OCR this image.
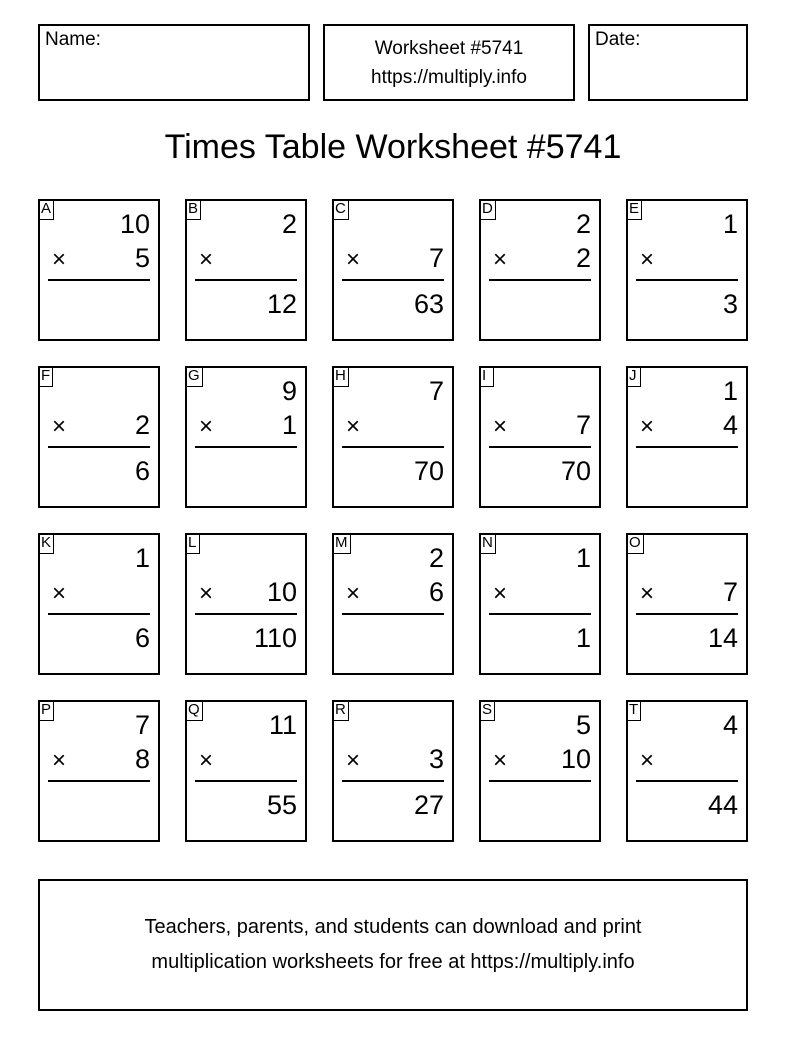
Name:	Worksheet #5741
https://multiply.info
Date:
Times Table Worksheet #5741
A
10
×	5
B
2
×
12
C
×	7
63
D
2
×	2
E
1
×
3
F
×	2
6
G
9
×	1
H
7
×
70
I
×	7
70
J
1
×	4
K
1
×
6
L
× 10
110
M
2
×	6
N
1
×
1
O
×	7
14
P
7
×	8
Q
11
×
55
R
×	3
27
S
5
× 10
T
4
×
44
Teachers, parents, and students can download and print
multiplication worksheets for free at https://multiply.info
